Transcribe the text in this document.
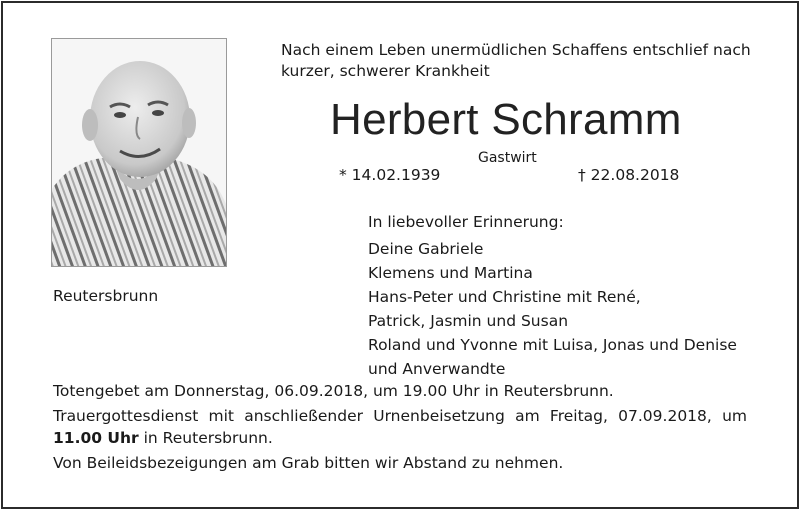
Nach einem Leben unermüdlichen Schaffens entschlief nach kurzer, schwerer Krankheit
Herbert Schramm
Gastwirt
* 14.02.1939	† 22.08.2018
Reutersbrunn
In liebevoller Erinnerung:
Deine Gabriele
Klemens und Martina
Hans-Peter und Christine mit René,
Patrick, Jasmin und Susan
Roland und Yvonne mit Luisa, Jonas und Denise
und Anverwandte

Totengebet am Donnerstag, 06.09.2018, um 19.00 Uhr in Reutersbrunn.

Trauergottesdienst mit anschließender Urnenbeisetzung am Freitag, 07.09.2018, um 11.00 Uhr in Reutersbrunn.

Von Beileidsbezeigungen am Grab bitten wir Abstand zu nehmen.
